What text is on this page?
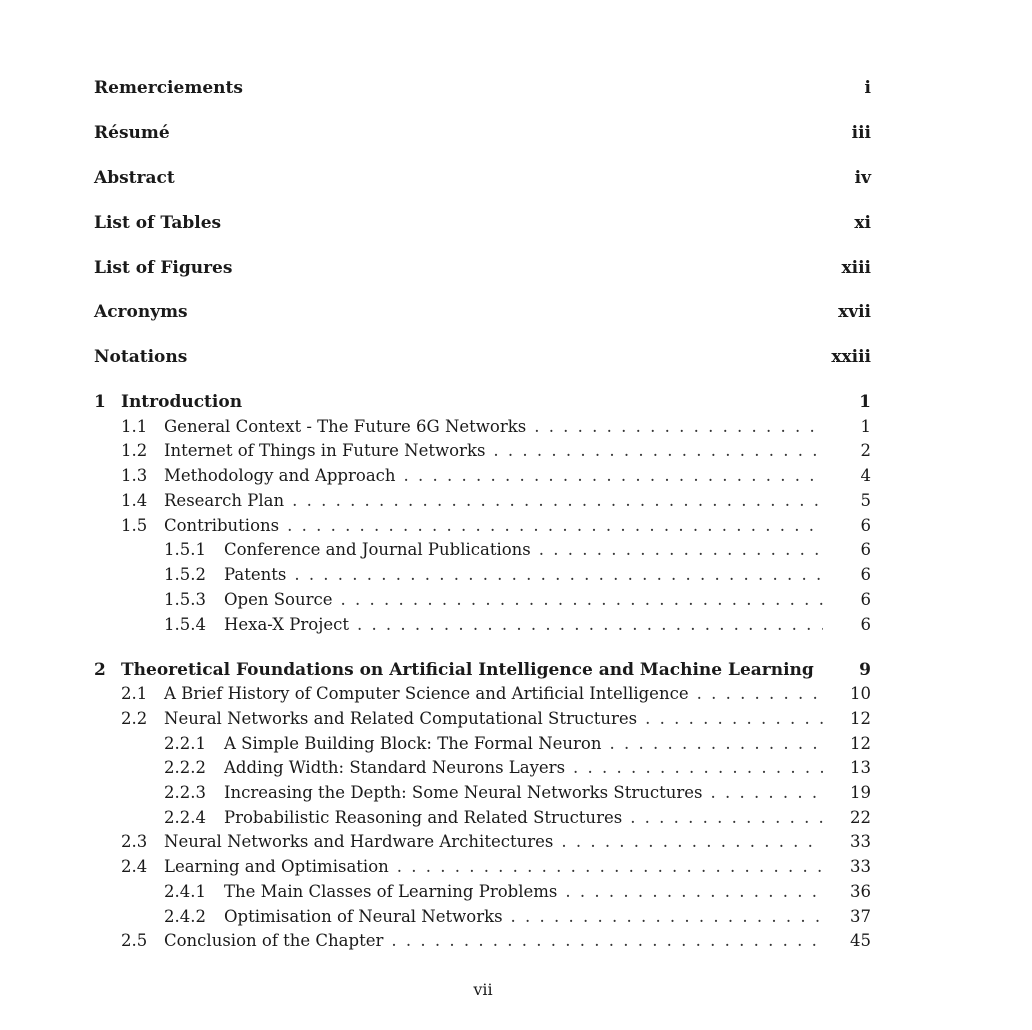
Remerciements	i
Résumé	iii
Abstract	iv
List of Tables	xi
List of Figures	xiii
Acronyms	xvii
Notations	xxiii
1 Introduction	1
1.1	General Context - The Future 6G Networks . . .	1
1.2	Internet of Things in Future Networks . . .	2
1.3	Methodology and Approach . . .	4
1.4	Research Plan . . .	5
1.5	Contributions . . .	6
1.5.1	Conference and Journal Publications . . .	6
1.5.2	Patents . . .	6
1.5.3	Open Source . . .	6
1.5.4	Hexa-X Project . . .	6
2 Theoretical Foundations on Artificial Intelligence and Machine Learning	9
2.1	A Brief History of Computer Science and Artificial Intelligence . . .	10
2.2	Neural Networks and Related Computational Structures . . .	12
2.2.1	A Simple Building Block: The Formal Neuron . . .	12
2.2.2	Adding Width: Standard Neurons Layers . . .	13
2.2.3	Increasing the Depth: Some Neural Networks Structures . . .	19
2.2.4	Probabilistic Reasoning and Related Structures . . .	22
2.3	Neural Networks and Hardware Architectures . . .	33
2.4	Learning and Optimisation . . .	33
2.4.1	The Main Classes of Learning Problems . . .	36
2.4.2	Optimisation of Neural Networks . . .	37
2.5	Conclusion of the Chapter . . .	45
vii
